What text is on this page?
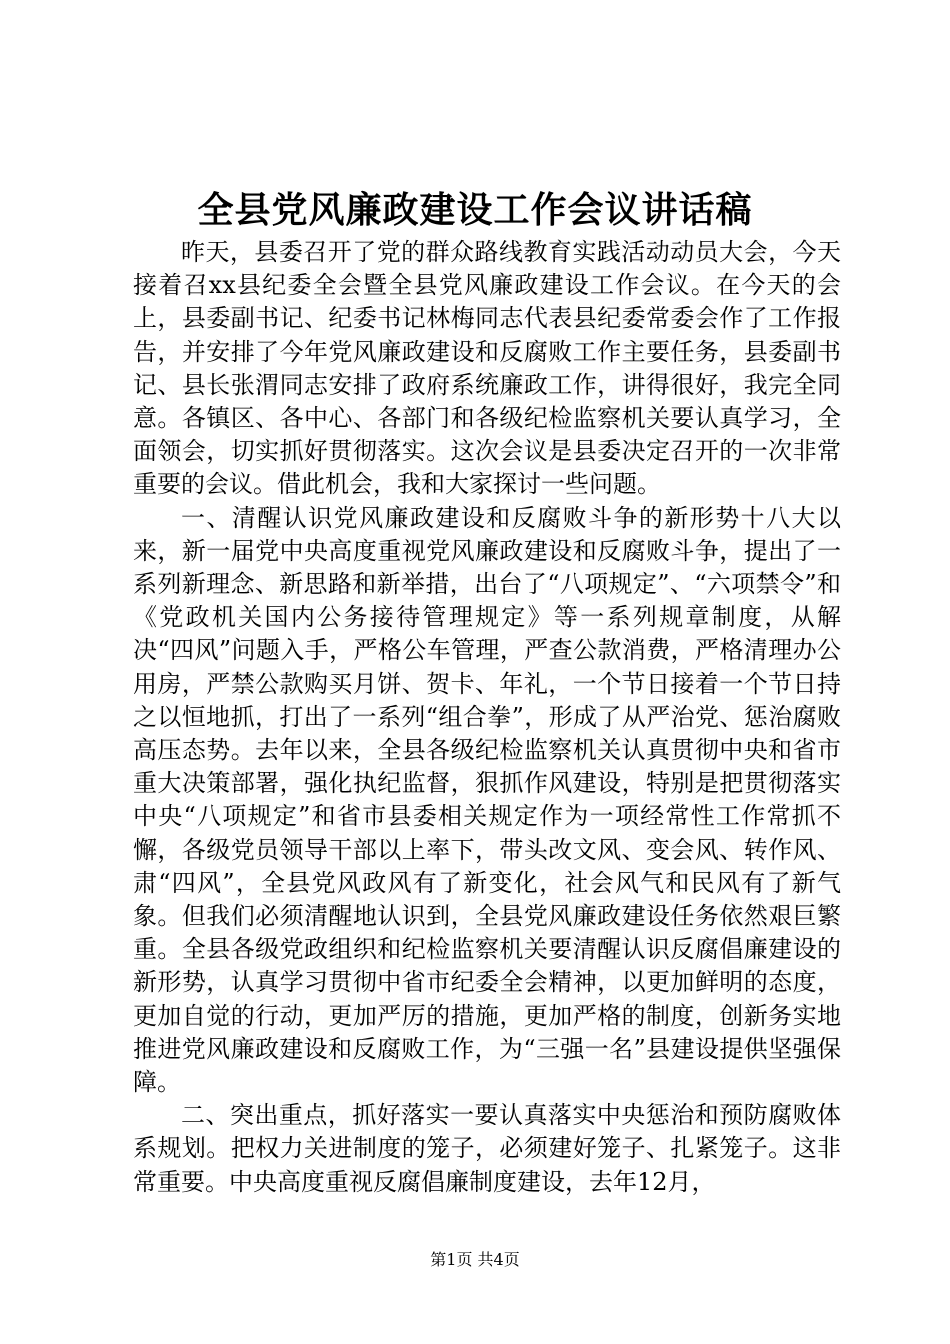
全县党风廉政建设工作会议讲话稿

昨天，县委召开了党的群众路线教育实践活动动员大会，今天接着召xx县纪委全会暨全县党风廉政建设工作会议。在今天的会上，县委副书记、纪委书记林梅同志代表县纪委常委会作了工作报告，并安排了今年党风廉政建设和反腐败工作主要任务，县委副书记、县长张渭同志安排了政府系统廉政工作，讲得很好，我完全同意。各镇区、各中心、各部门和各级纪检监察机关要认真学习，全面领会，切实抓好贯彻落实。这次会议是县委决定召开的一次非常重要的会议。借此机会，我和大家探讨一些问题。

一、清醒认识党风廉政建设和反腐败斗争的新形势十八大以来，新一届党中央高度重视党风廉政建设和反腐败斗争，提出了一系列新理念、新思路和新举措，出台了“八项规定”、“六项禁令”和《党政机关国内公务接待管理规定》等一系列规章制度，从解决“四风”问题入手，严格公车管理，严查公款消费，严格清理办公用房，严禁公款购买月饼、贺卡、年礼，一个节日接着一个节日持之以恒地抓，打出了一系列“组合拳”，形成了从严治党、惩治腐败高压态势。去年以来，全县各级纪检监察机关认真贯彻中央和省市重大决策部署，强化执纪监督，狠抓作风建设，特别是把贯彻落实中央“八项规定”和省市县委相关规定作为一项经常性工作常抓不懈，各级党员领导干部以上率下，带头改文风、变会风、转作风、肃“四风”，全县党风政风有了新变化，社会风气和民风有了新气象。但我们必须清醒地认识到，全县党风廉政建设任务依然艰巨繁重。全县各级党政组织和纪检监察机关要清醒认识反腐倡廉建设的新形势，认真学习贯彻中省市纪委全会精神，以更加鲜明的态度，更加自觉的行动，更加严厉的措施，更加严格的制度，创新务实地推进党风廉政建设和反腐败工作，为“三强一名”县建设提供坚强保障。

二、突出重点，抓好落实一要认真落实中央惩治和预防腐败体系规划。把权力关进制度的笼子，必须建好笼子、扎紧笼子。这非常重要。中央高度重视反腐倡廉制度建设，去年12月，

第1页 共4页
